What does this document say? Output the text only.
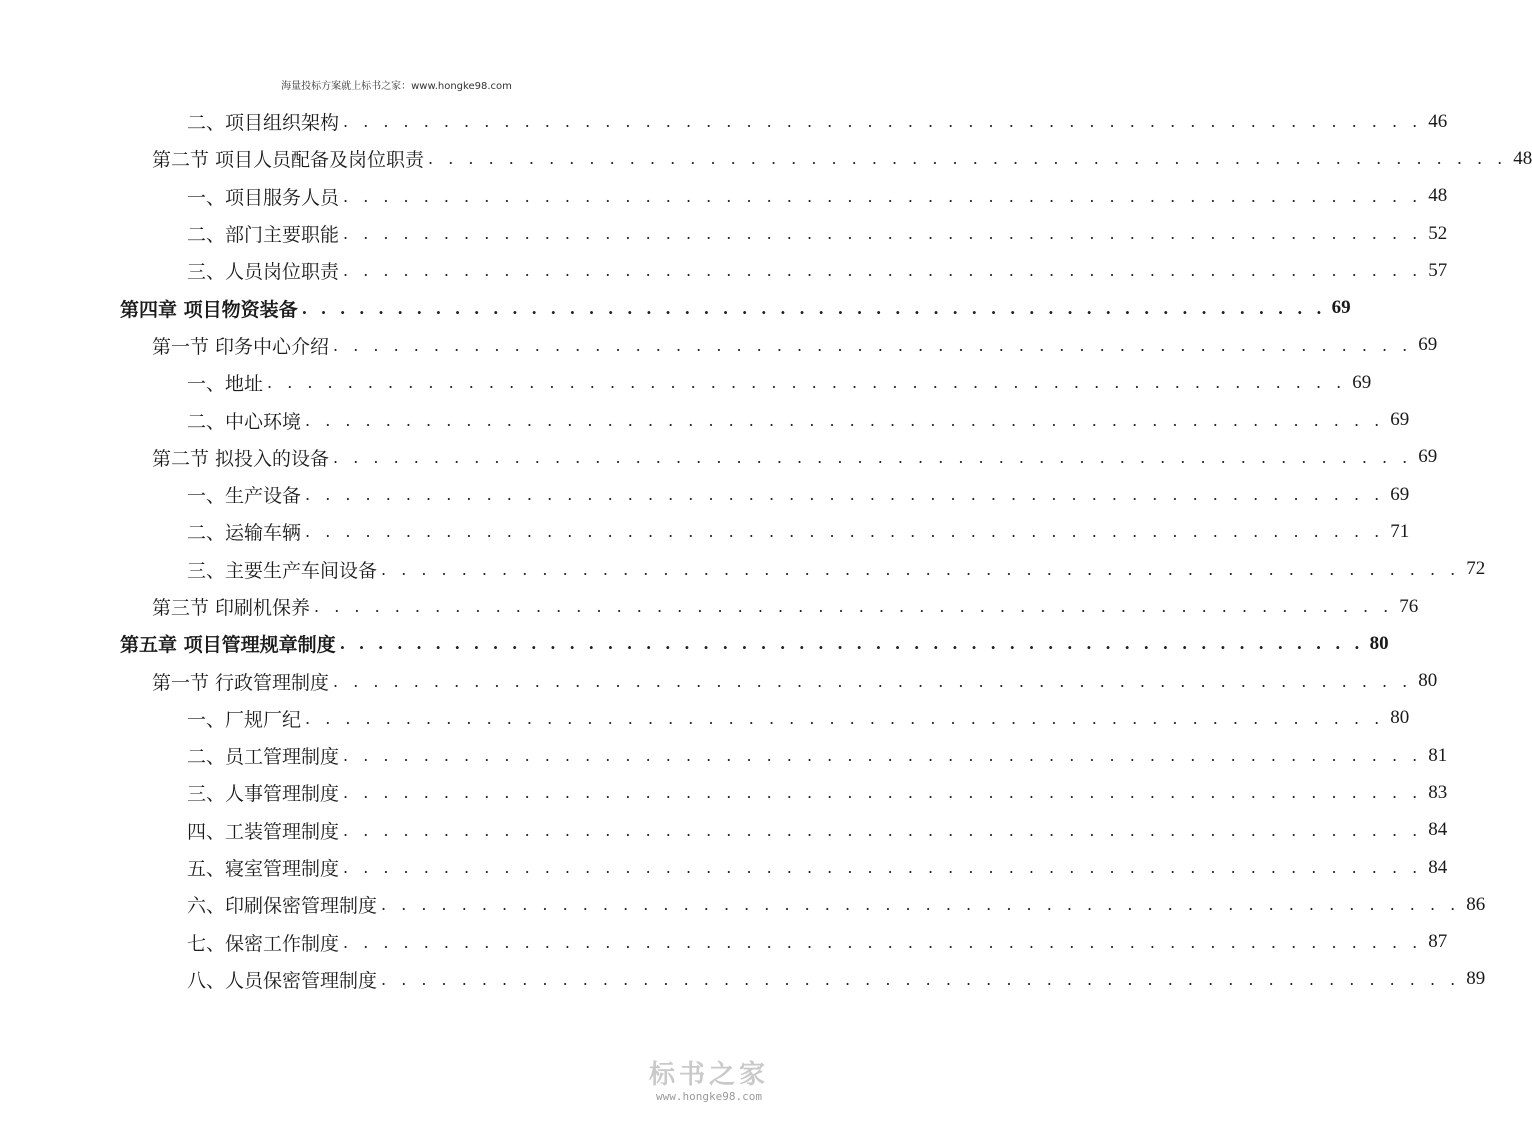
海量投标方案就上标书之家：www.hongke98.com
二、项目组织架构 . . . . . . . . . . . . . . . . . . . . . . . . . . . . . . . . . . . . . . . . . . . . . . . . . . . . . . 46
第二节 项目人员配备及岗位职责 . . . . . . . . . . . . . . . . . . . . . . . . . . . . . . . . . . . . . . . . . . . . . . . . . . . . . . 48
一、项目服务人员 . . . . . . . . . . . . . . . . . . . . . . . . . . . . . . . . . . . . . . . . . . . . . . . . . . . . . . 48
二、部门主要职能 . . . . . . . . . . . . . . . . . . . . . . . . . . . . . . . . . . . . . . . . . . . . . . . . . . . . . . 52
三、人员岗位职责 . . . . . . . . . . . . . . . . . . . . . . . . . . . . . . . . . . . . . . . . . . . . . . . . . . . . . . 57
第四章 项目物资装备 . . . . . . . . . . . . . . . . . . . . . . . . . . . . . . . . . . . . . . . . . . . . . . . . . . . . . . 69
第一节 印务中心介绍 . . . . . . . . . . . . . . . . . . . . . . . . . . . . . . . . . . . . . . . . . . . . . . . . . . . . . . 69
一、地址 . . . . . . . . . . . . . . . . . . . . . . . . . . . . . . . . . . . . . . . . . . . . . . . . . . . . . . 69
二、中心环境 . . . . . . . . . . . . . . . . . . . . . . . . . . . . . . . . . . . . . . . . . . . . . . . . . . . . . . 69
第二节 拟投入的设备 . . . . . . . . . . . . . . . . . . . . . . . . . . . . . . . . . . . . . . . . . . . . . . . . . . . . . . 69
一、生产设备 . . . . . . . . . . . . . . . . . . . . . . . . . . . . . . . . . . . . . . . . . . . . . . . . . . . . . . 69
二、运输车辆 . . . . . . . . . . . . . . . . . . . . . . . . . . . . . . . . . . . . . . . . . . . . . . . . . . . . . . 71
三、主要生产车间设备 . . . . . . . . . . . . . . . . . . . . . . . . . . . . . . . . . . . . . . . . . . . . . . . . . . . . . . 72
第三节 印刷机保养 . . . . . . . . . . . . . . . . . . . . . . . . . . . . . . . . . . . . . . . . . . . . . . . . . . . . . . 76
第五章 项目管理规章制度 . . . . . . . . . . . . . . . . . . . . . . . . . . . . . . . . . . . . . . . . . . . . . . . . . . . . . . 80
第一节 行政管理制度 . . . . . . . . . . . . . . . . . . . . . . . . . . . . . . . . . . . . . . . . . . . . . . . . . . . . . . 80
一、厂规厂纪 . . . . . . . . . . . . . . . . . . . . . . . . . . . . . . . . . . . . . . . . . . . . . . . . . . . . . . 80
二、员工管理制度 . . . . . . . . . . . . . . . . . . . . . . . . . . . . . . . . . . . . . . . . . . . . . . . . . . . . . . 81
三、人事管理制度 . . . . . . . . . . . . . . . . . . . . . . . . . . . . . . . . . . . . . . . . . . . . . . . . . . . . . . 83
四、工装管理制度 . . . . . . . . . . . . . . . . . . . . . . . . . . . . . . . . . . . . . . . . . . . . . . . . . . . . . . 84
五、寝室管理制度 . . . . . . . . . . . . . . . . . . . . . . . . . . . . . . . . . . . . . . . . . . . . . . . . . . . . . . 84
六、印刷保密管理制度 . . . . . . . . . . . . . . . . . . . . . . . . . . . . . . . . . . . . . . . . . . . . . . . . . . . . . . 86
七、保密工作制度 . . . . . . . . . . . . . . . . . . . . . . . . . . . . . . . . . . . . . . . . . . . . . . . . . . . . . . 87
八、人员保密管理制度 . . . . . . . . . . . . . . . . . . . . . . . . . . . . . . . . . . . . . . . . . . . . . . . . . . . . . . 89
标书之家
www.hongke98.com
